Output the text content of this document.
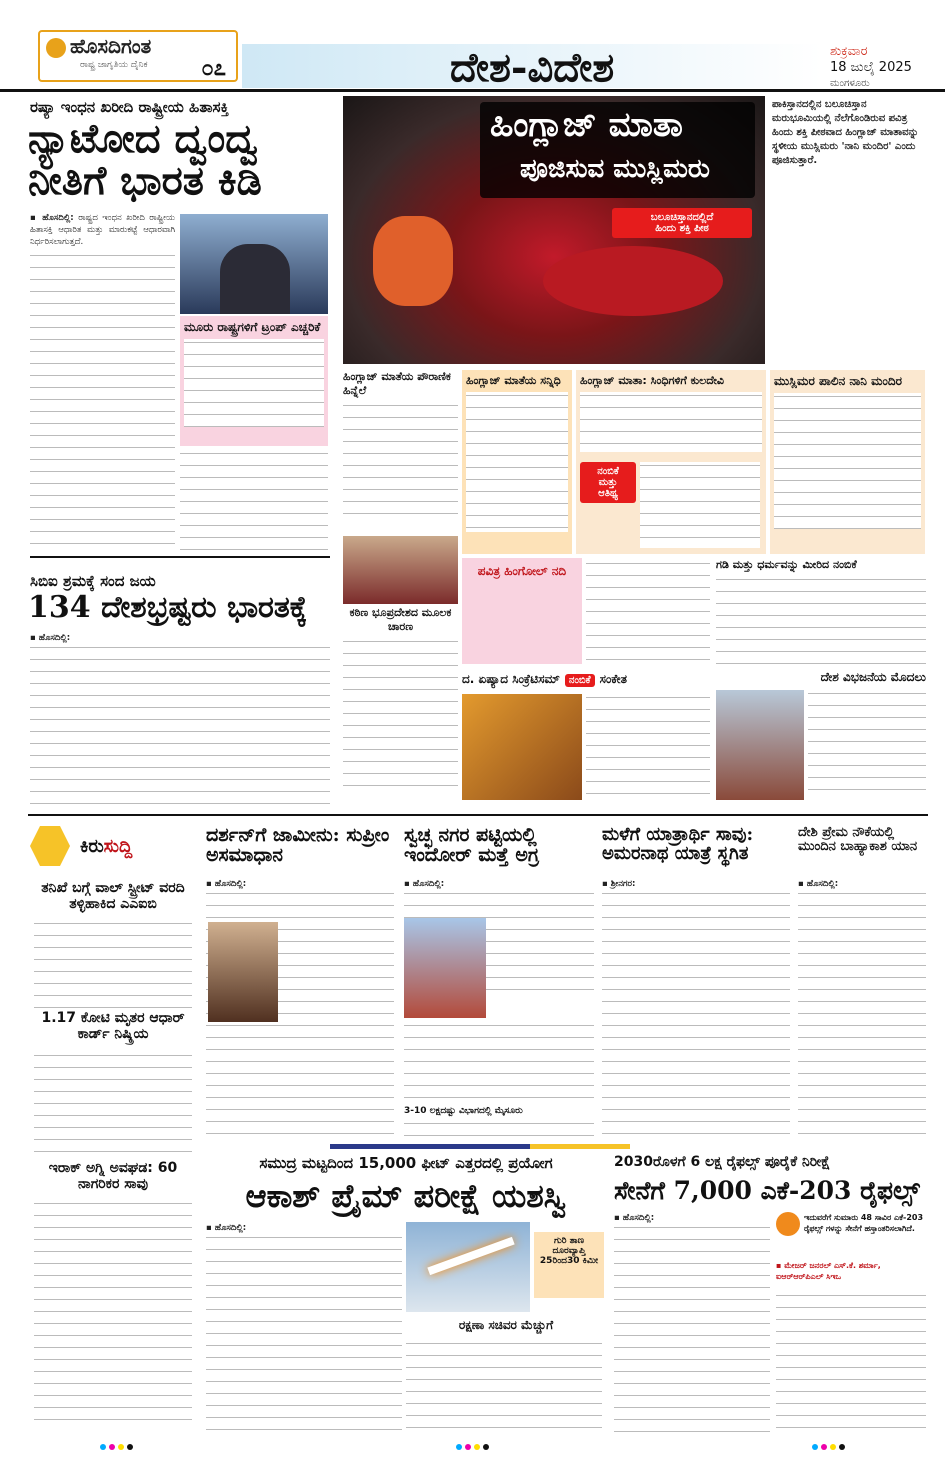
ಹೊಸದಿಗಂತ
ರಾಷ್ಟ್ರ ಜಾಗೃತಿಯ ದೈನಿಕ ೦೭	ದೇಶ-ವಿದೇಶ	ಶುಕ್ರವಾರ
18 ಜುಲೈ 2025
ಮಂಗಳೂರು
ರಷ್ಯಾ ಇಂಧನ ಖರೀದಿ ರಾಷ್ಟ್ರೀಯ ಹಿತಾಸಕ್ತಿ
ನ್ಯಾಟೋದ ದ್ವಂದ್ವ ನೀತಿಗೆ ಭಾರತ ಕಿಡಿ
▪ ಹೊಸದಿಲ್ಲಿ: ರಾಷ್ಟ್ರದ ಇಂಧನ ಖರೀದಿ ರಾಷ್ಟ್ರೀಯ ಹಿತಾಸಕ್ತಿ ಆಧಾರಿತ ಮತ್ತು ಮಾರುಕಟ್ಟೆ ಆಧಾರವಾಗಿ ನಿರ್ಧರಿಸಲಾಗುತ್ತದೆ.
ಮೂರು ರಾಷ್ಟ್ರಗಳಿಗೆ ಟ್ರಂಪ್ ಎಚ್ಚರಿಕೆ
ಹಿಂಗ್ಲಾಜ್ ಮಾತಾ
ಪೂಜಿಸುವ ಮುಸ್ಲಿಮರು
ಬಲೂಚಿಸ್ತಾನದಲ್ಲಿದೆ
ಹಿಂದು ಶಕ್ತಿ ಪೀಠ
ಪಾಕಿಸ್ತಾನದಲ್ಲಿನ ಬಲೂಚಿಸ್ತಾನ ಮರುಭೂಮಿಯಲ್ಲಿ ನೆಲೆಗೊಂಡಿರುವ ಪವಿತ್ರ ಹಿಂದು ಶಕ್ತಿ ಪೀಠವಾದ ಹಿಂಗ್ಲಾಜ್ ಮಾತಾವನ್ನು ಸ್ಥಳೀಯ ಮುಸ್ಲಿಮರು 'ನಾನಿ ಮಂದಿರ' ಎಂದು ಪೂಜಿಸುತ್ತಾರೆ.
ಹಿಂಗ್ಲಾಜ್ ಮಾತೆಯ ಪೌರಾಣಿಕ ಹಿನ್ನೆಲೆ
ಕಠಿಣ ಭೂಪ್ರದೇಶದ ಮೂಲಕ ಚಾರಣ
ಹಿಂಗ್ಲಾಜ್ ಮಾತೆಯ ಸನ್ನಿಧಿ	ಹಿಂಗ್ಲಾಜ್ ಮಾತಾ: ಸಿಂಧಿಗಳಿಗೆ ಕುಲದೇವಿ
ನಂಬಿಕೆ ಮತ್ತು ಆತಿಥ್ಯ
ಮುಸ್ಲಿಮರ ಪಾಲಿನ ನಾನಿ ಮಂದಿರ
ಪವಿತ್ರ ಹಿಂಗೋಲ್ ನದಿ
ದ. ಏಷ್ಯಾದ ಸಿಂಕ್ರೆಟಿಸಮ್ ನಂಬಿಕೆ ಸಂಕೇತ
ಗಡಿ ಮತ್ತು ಧರ್ಮವನ್ನು ಮೀರಿದ ನಂಬಿಕೆ
ದೇಶ ವಿಭಜನೆಯ ಮೊದಲು
ಸಿಬಿಐ ಶ್ರಮಕ್ಕೆ ಸಂದ ಜಯ
134 ದೇಶಭ್ರಷ್ಟರು ಭಾರತಕ್ಕೆ
▪ ಹೊಸದಿಲ್ಲಿ:
ಕಿರುಸುದ್ದಿ
ತನಿಖೆ ಬಗ್ಗೆ ವಾಲ್ ಸ್ಟ್ರೀಟ್ ವರದಿ ತಳ್ಳಿಹಾಕಿದ ಎಎಐಬಿ
1.17 ಕೋಟಿ ಮೃತರ ಆಧಾರ್ ಕಾರ್ಡ್ ನಿಷ್ಕ್ರಿಯ
ಇರಾಕ್ ಅಗ್ನಿ ಅವಘಡ: 60 ನಾಗರಿಕರ ಸಾವು
ದರ್ಶನ್‌ಗೆ ಜಾಮೀನು: ಸುಪ್ರೀಂ ಅಸಮಾಧಾನ
▪ ಹೊಸದಿಲ್ಲಿ:
ಸ್ವಚ್ಛ ನಗರ ಪಟ್ಟಿಯಲ್ಲಿ ಇಂದೋರ್ ಮತ್ತೆ ಅಗ್ರ
▪ ಹೊಸದಿಲ್ಲಿ:
3-10 ಲಕ್ಷದಷ್ಟು ವಿಭಾಗದಲ್ಲಿ ಮೈಸೂರು
ಮಳೆಗೆ ಯಾತ್ರಾರ್ಥಿ ಸಾವು: ಅಮರನಾಥ ಯಾತ್ರೆ ಸ್ಥಗಿತ
▪ ಶ್ರೀನಗರ:
ದೇಶಿ ಪ್ರೇಮ ನೌಕೆಯಲ್ಲಿ ಮುಂದಿನ ಬಾಹ್ಯಾಕಾಶ ಯಾನ
▪ ಹೊಸದಿಲ್ಲಿ:
ಸಮುದ್ರ ಮಟ್ಟದಿಂದ 15,000 ಫೀಟ್ ಎತ್ತರದಲ್ಲಿ ಪ್ರಯೋಗ
ಆಕಾಶ್ ಪ್ರೈಮ್ ಪರೀಕ್ಷೆ ಯಶಸ್ವಿ
▪ ಹೊಸದಿಲ್ಲಿ:
ಗುರಿ ತಾಣ ದೂರವ್ಯಾಪ್ತಿ 25ರಿಂದ30 ಕಿಮೀ
ರಕ್ಷಣಾ ಸಚಿವರ ಮೆಚ್ಚುಗೆ
2030ರೊಳಗೆ 6 ಲಕ್ಷ ರೈಫಲ್ಸ್ ಪೂರೈಕೆ ನಿರೀಕ್ಷೆ
ಸೇನೆಗೆ 7,000 ಎಕೆ-203 ರೈಫಲ್ಸ್
▪ ಹೊಸದಿಲ್ಲಿ:	ಇದುವರೆಗೆ ಸುಮಾರು 48 ಸಾವಿರ ಎಕೆ-203 ರೈಫಲ್ಸ್ ಗಳನ್ನು ಸೇನೆಗೆ ಹಸ್ತಾಂತರಿಸಲಾಗಿದೆ.
▪ ಮೇಜರ್ ಜನರಲ್ ಎಸ್.ಕೆ. ಶರ್ಮಾ, ಐಆರ್‌ಆರ್‌ಪಿಎಲ್ ಸಿಇಒ
